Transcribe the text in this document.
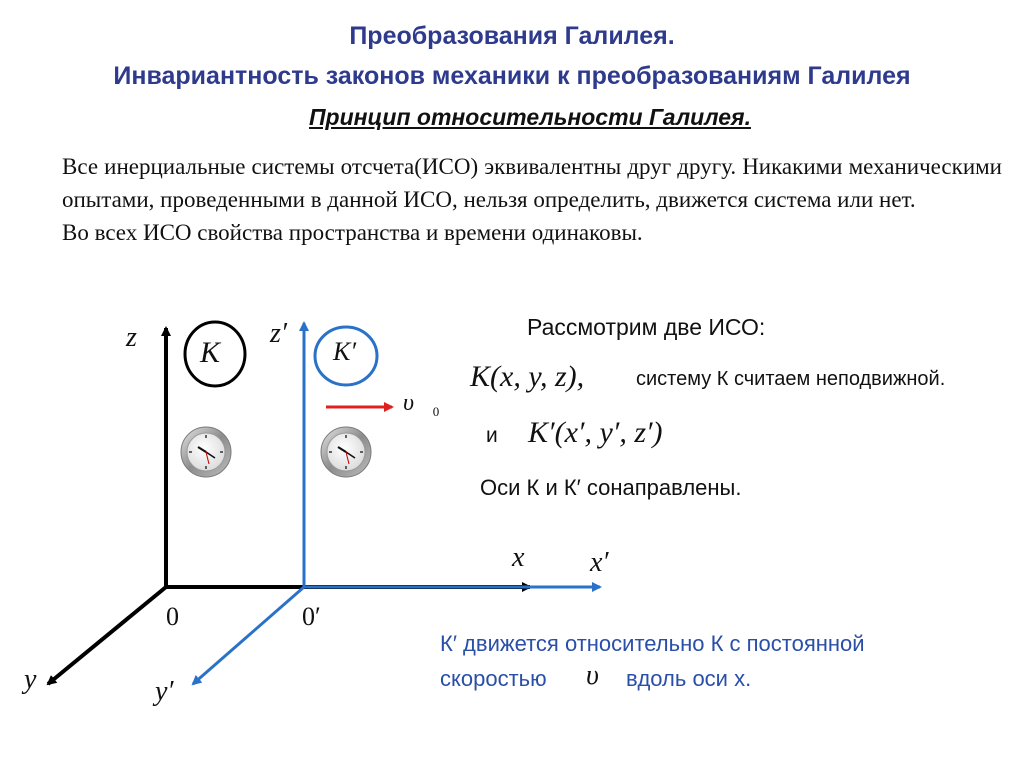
Преобразования Галилея.
Инвариантность законов механики к преобразованиям Галилея
Принцип относительности Галилея.

Все инерциальные системы отсчета(ИСО) эквивалентны друг другу. Никакими механическими опытами, проведенными в данной ИСО, нельзя определить, движется система или нет.

Во всех ИСО свойства пространства и времени одинаковы.

K	K′
z	z′
x x′
y	y′
0	0′
$\upsilon⃗_0$
Рассмотрим две ИСО:
K(x, y, z),	систему К считаем неподвижной.
и K′(x′, y′, z′)
Оси К и К′ сонаправлены.
К′ движется относительно К с постоянной
скоростью υ вдоль оси х.
